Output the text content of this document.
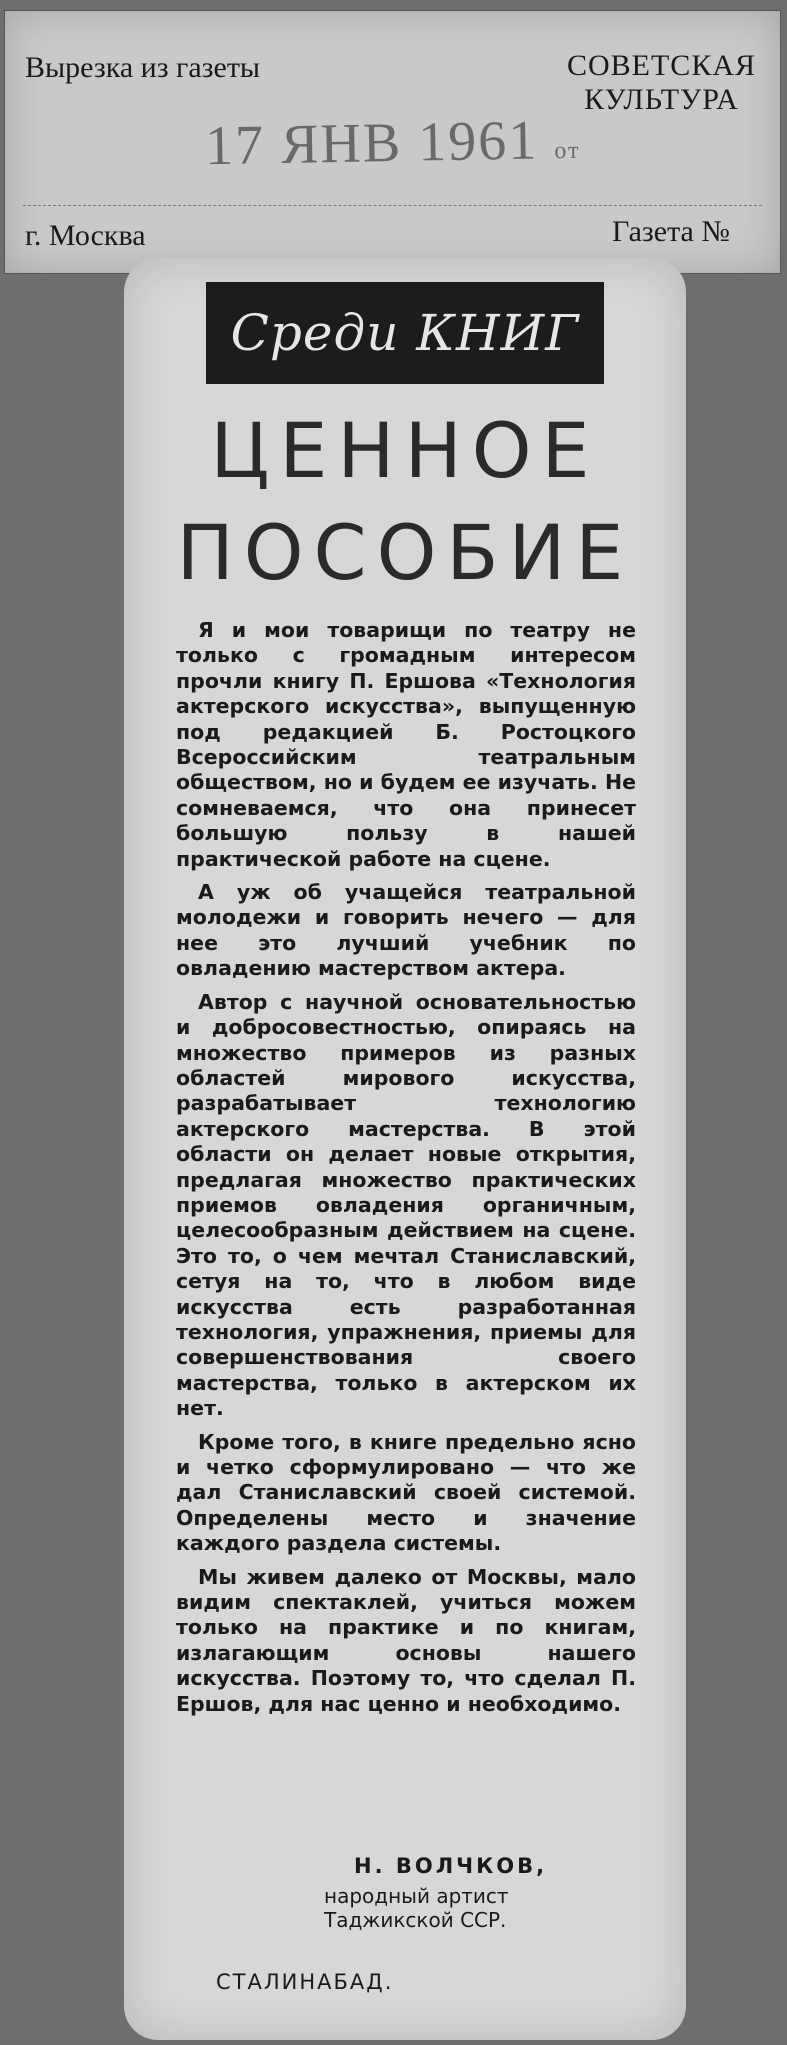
Вырезка из газеты	СОВЕТСКАЯ
КУЛЬТУРА
17 ЯНВ 1961 от
г. Москва	Газета №
Среди КНИГ
ЦЕННОЕ
ПОСОБИЕ

Я и мои товарищи по театру не только с громадным интересом прочли книгу П. Ершова «Технология актерского искусства», выпущенную под редакцией Б. Ростоцкого Всероссийским театральным обществом, но и будем ее изучать. Не сомневаемся, что она принесет большую пользу в нашей практической работе на сцене.

А уж об учащейся театральной молодежи и говорить нечего — для нее это лучший учебник по овладению мастерством актера.

Автор с научной основательностью и добросовестностью, опираясь на множество примеров из разных областей мирового искусства, разрабатывает технологию актерского мастерства. В этой области он делает новые открытия, предлагая множество практических приемов овладения органичным, целесообразным действием на сцене. Это то, о чем мечтал Станиславский, сетуя на то, что в любом виде искусства есть разработанная технология, упражнения, приемы для совершенствования своего мастерства, только в актерском их нет.

Кроме того, в книге предельно ясно и четко сформулировано — что же дал Станиславский своей системой. Определены место и значение каждого раздела системы.

Мы живем далеко от Москвы, мало видим спектаклей, учиться можем только на практике и по книгам, излагающим основы нашего искусства. Поэтому то, что сделал П. Ершов, для нас ценно и необходимо.

Н. ВОЛЧКОВ,
народный артист
Таджикской ССР.
СТАЛИНАБАД.
